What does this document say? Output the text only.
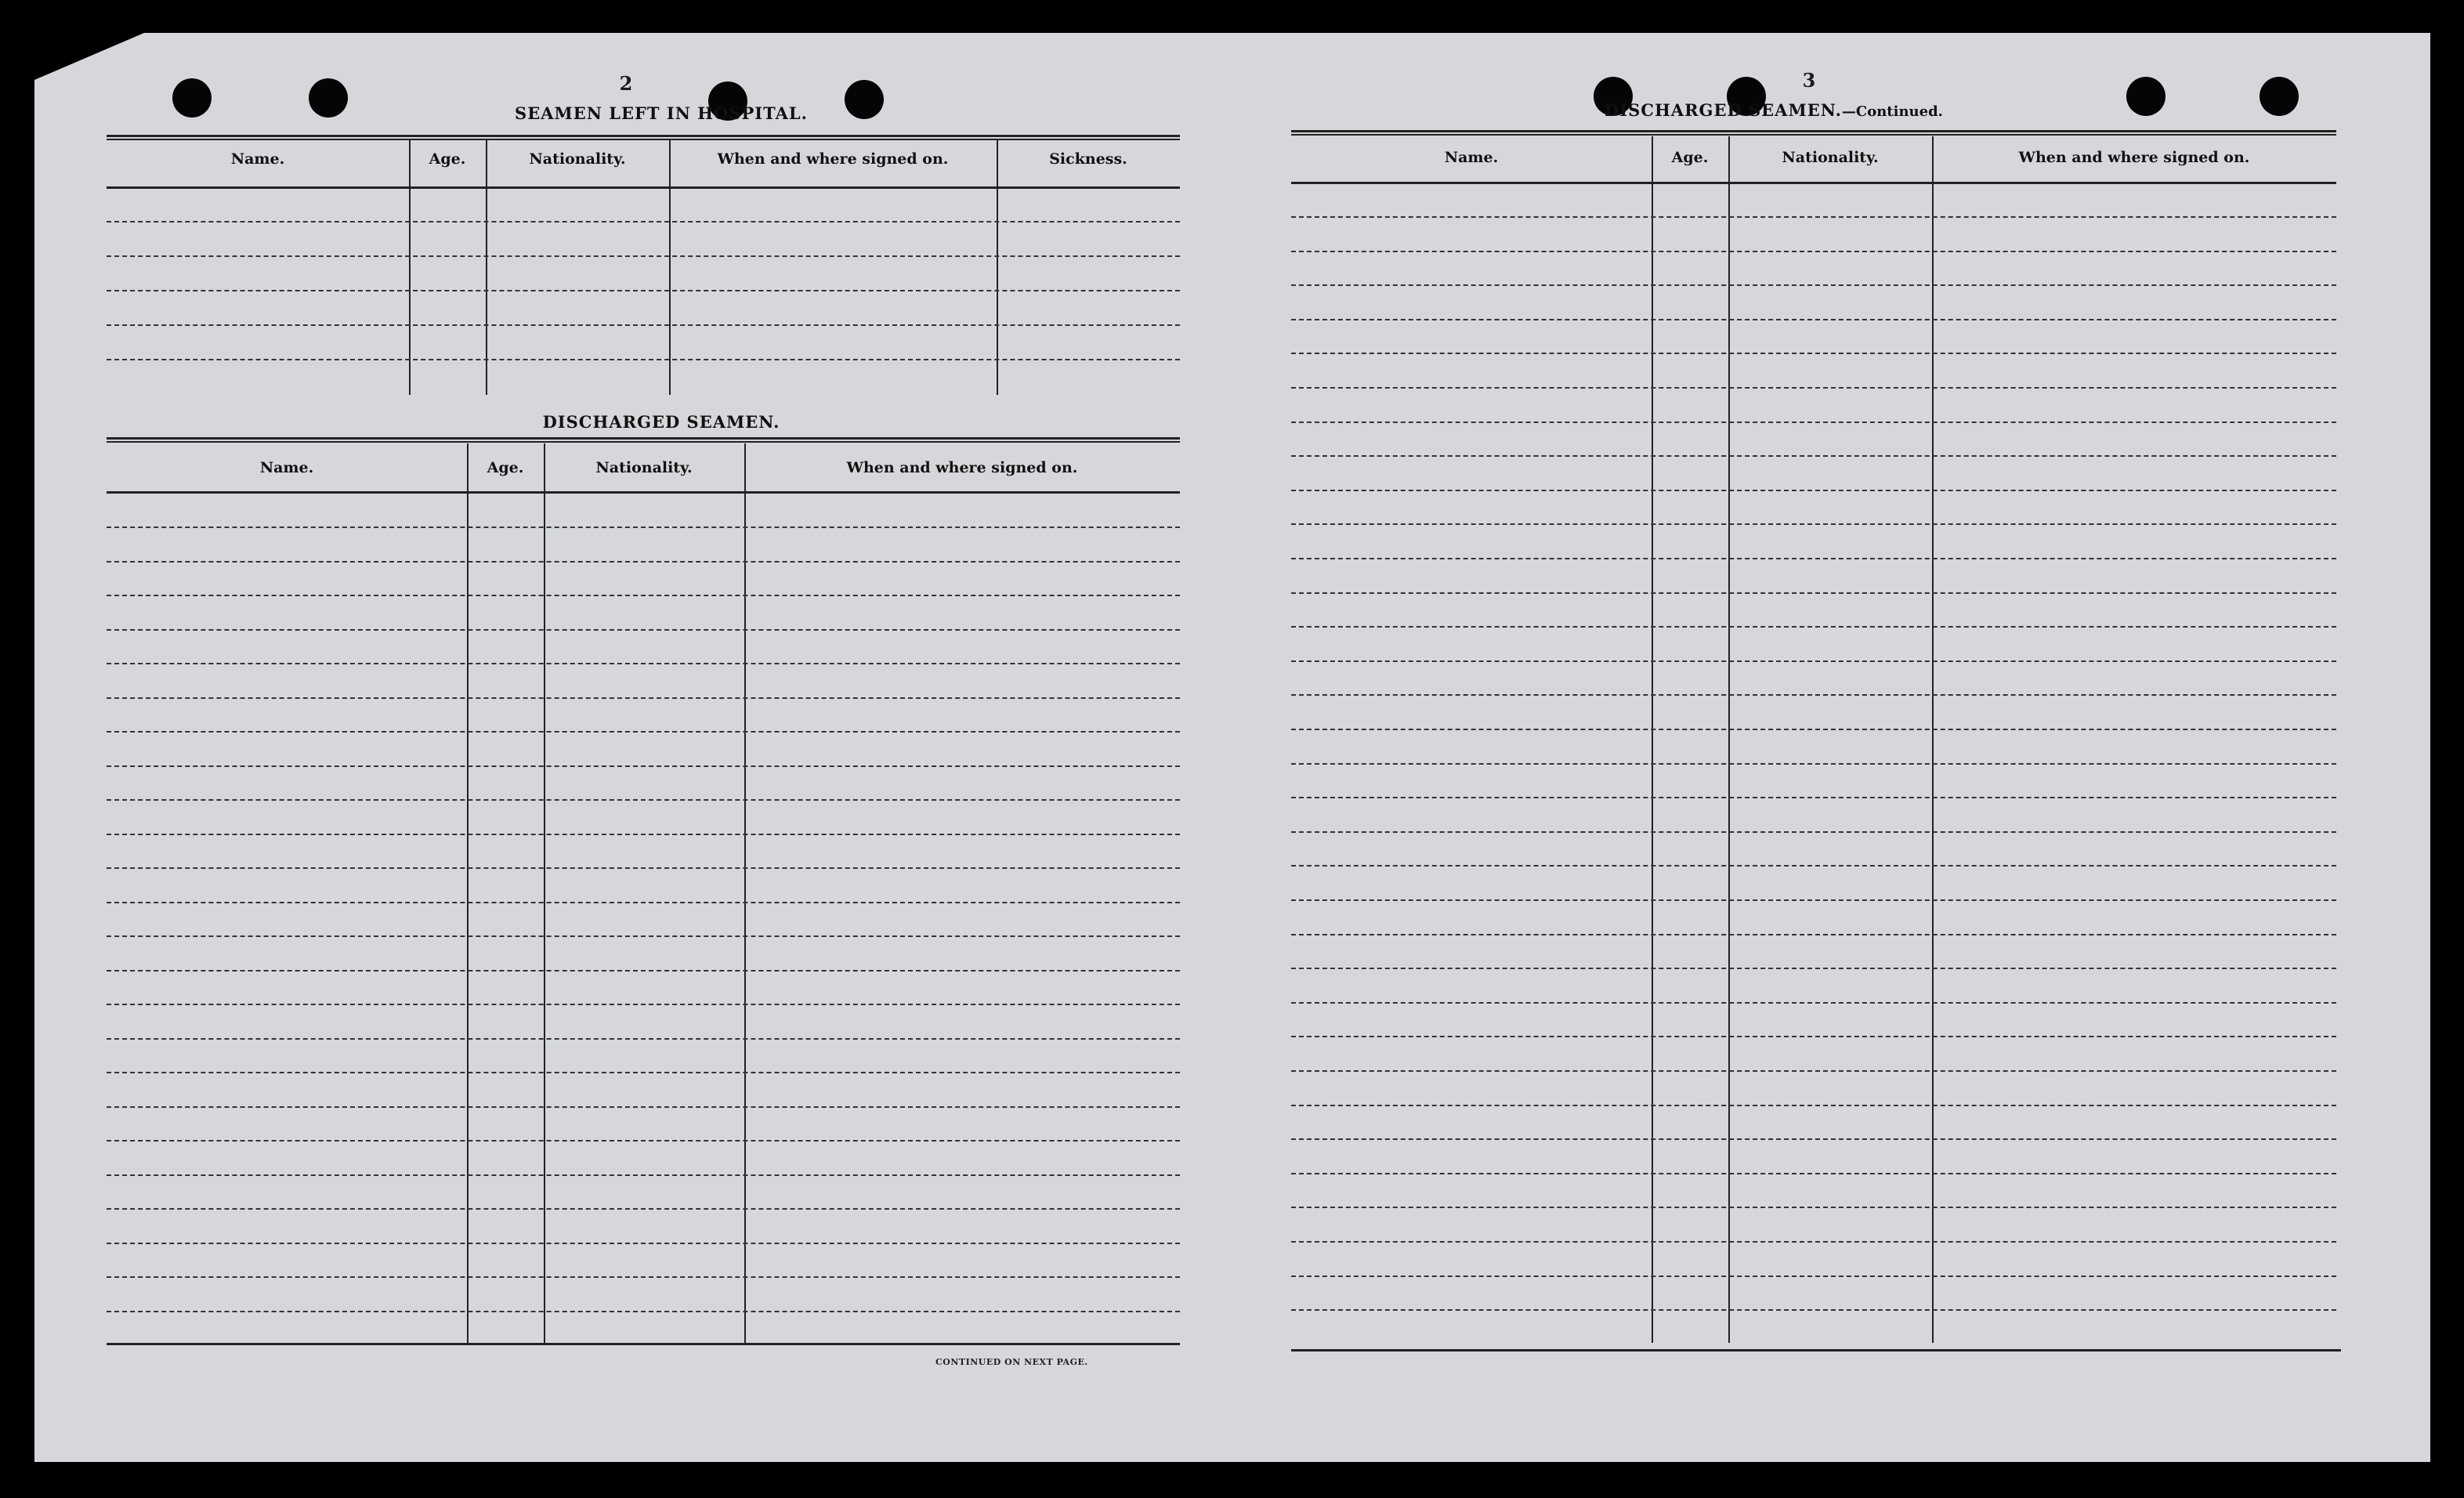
2
SEAMEN LEFT IN HOSPITAL.
DISCHARGED SEAMEN.
CONTINUED ON NEXT PAGE.
3
DISCHARGED SEAMEN.—Continued.
Name.	Age.	Nationality.	When and where signed on.	Sickness.
Name.	Age.	Nationality.	When and where signed on.
Name.	Age.	Nationality.	When and where signed on.
